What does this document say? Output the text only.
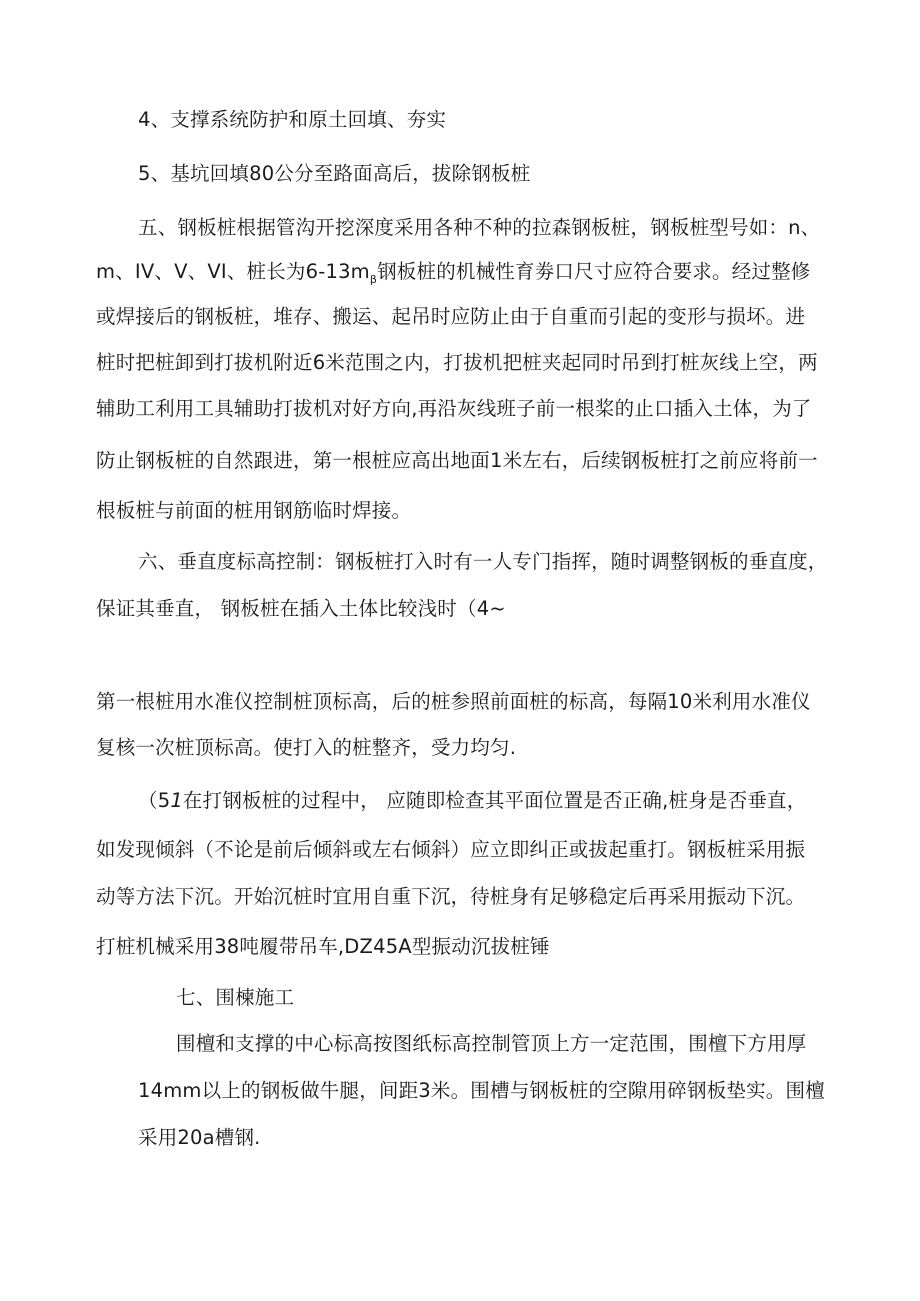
4、支撑系统防护和原土回填、夯实
5、基坑回填80公分至路面高后，拔除钢板桩
五、钢板桩根据管沟开挖深度采用各种不种的拉森钢板桩，钢板桩型号如：n、
m、IV、V、VI、桩长为$6-13m_\beta$钢板桩的机械性育劵口尺寸应符合要求。经过整修
或焊接后的钢板桩，堆存、搬运、起吊时应防止由于自重而引起的变形与损坏。进
桩时把桩卸到打拔机附近6米范围之内，打拔机把桩夹起同时吊到打桩灰线上空，两
辅助工利用工具辅助打拔机对好方向,再沿灰线班子前一根桨的止口插入土体，为了
防止钢板桩的自然跟进，第一根桩应高出地面1米左右，后续钢板桩打之前应将前一
根板桩与前面的桩用钢筋临时焊接。
六、垂直度标高控制：钢板桩打入时有一人专门指挥，随时调整钢板的垂直度，
保证其垂直， 钢板桩在插入土体比较浅时（4~
第一根桩用水准仪控制桩顶标高，后的桩参照前面桩的标高，每隔10米利用水准仪
复核一次桩顶标高。使打入的桩整齐，受力均匀.
（51在打钢板桩的过程中， 应随即检查其平面位置是否正确,桩身是否垂直，
如发现倾斜（不论是前后倾斜或左右倾斜）应立即纠正或拔起重打。钢板桩采用振
动等方法下沉。开始沉桩时宜用自重下沉，待桩身有足够稳定后再采用振动下沉。
打桩机械采用38吨履带吊车,DZ45A型振动沉拔桩锤
七、围楝施工
围檀和支撑的中心标高按图纸标高控制管顶上方一定范围，围檀下方用厚
14mm以上的钢板做牛腿，间距3米。围槽与钢板桩的空隙用碎钢板垫实。围檀
采用20a槽钢.
